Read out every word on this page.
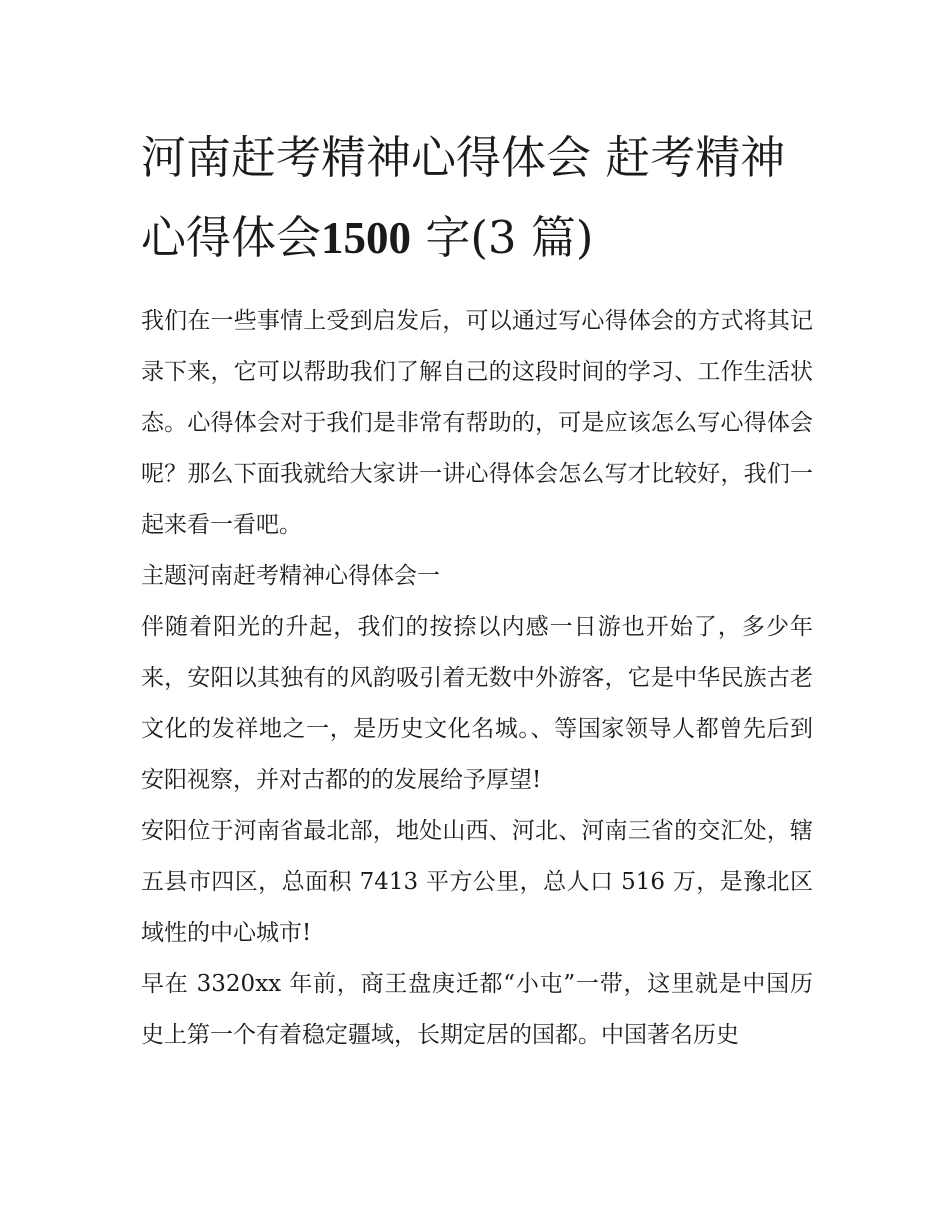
河南赶考精神心得体会 赶考精神心得体会1500 字(3 篇)

我们在一些事情上受到启发后，可以通过写心得体会的方式将其记录下来，它可以帮助我们了解自己的这段时间的学习、工作生活状态。心得体会对于我们是非常有帮助的，可是应该怎么写心得体会呢？那么下面我就给大家讲一讲心得体会怎么写才比较好，我们一起来看一看吧。

主题河南赶考精神心得体会一

伴随着阳光的升起，我们的按捺以内感一日游也开始了，多少年来，安阳以其独有的风韵吸引着无数中外游客，它是中华民族古老文化的发祥地之一，是历史文化名城。、等国家领导人都曾先后到安阳视察，并对古都的的发展给予厚望!

安阳位于河南省最北部，地处山西、河北、河南三省的交汇处，辖五县市四区，总面积 7413 平方公里，总人口 516 万，是豫北区域性的中心城市!

早在 3320xx 年前，商王盘庚迁都“小屯”一带，这里就是中国历史上第一个有着稳定疆域，长期定居的国都。中国著名历史
